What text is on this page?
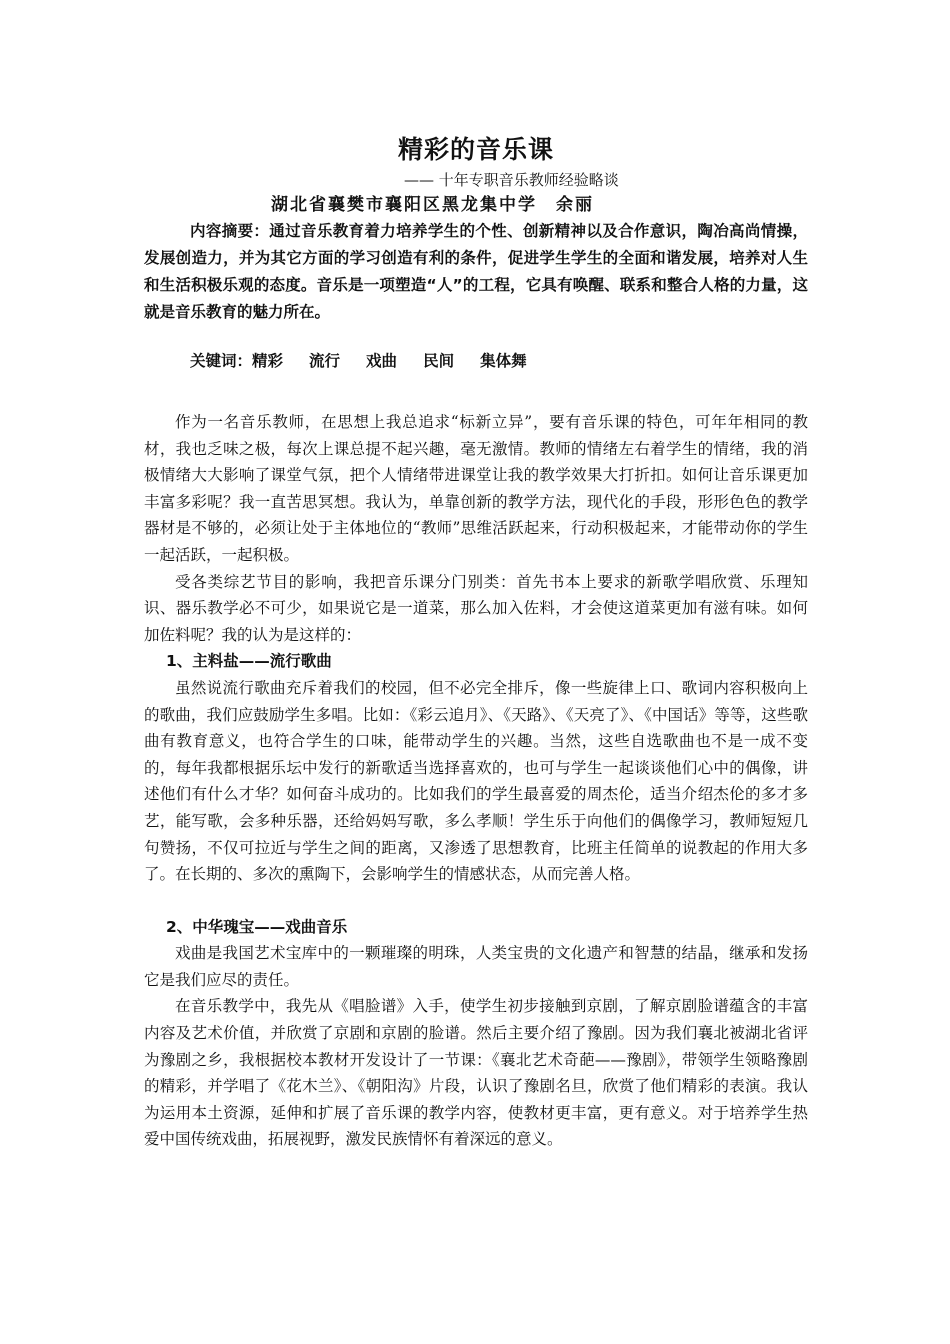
精彩的音乐课

—— 十年专职音乐教师经验略谈

湖北省襄樊市襄阳区黑龙集中学　余丽

内容摘要：通过音乐教育着力培养学生的个性、创新精神以及合作意识，陶冶高尚情操，发展创造力，并为其它方面的学习创造有利的条件，促进学生学生的全面和谐发展，培养对人生和生活积极乐观的态度。音乐是一项塑造“人”的工程，它具有唤醒、联系和整合人格的力量，这就是音乐教育的魅力所在。

关键词：精彩 流行 戏曲 民间 集体舞

作为一名音乐教师，在思想上我总追求“标新立异”，要有音乐课的特色，可年年相同的教材，我也乏味之极，每次上课总提不起兴趣，毫无激情。教师的情绪左右着学生的情绪，我的消极情绪大大影响了课堂气氛，把个人情绪带进课堂让我的教学效果大打折扣。如何让音乐课更加丰富多彩呢？我一直苦思冥想。我认为，单靠创新的教学方法，现代化的手段，形形色色的教学器材是不够的，必须让处于主体地位的“教师”思维活跃起来，行动积极起来，才能带动你的学生一起活跃，一起积极。

受各类综艺节目的影响，我把音乐课分门别类：首先书本上要求的新歌学唱欣赏、乐理知识、器乐教学必不可少，如果说它是一道菜，那么加入佐料，才会使这道菜更加有滋有味。如何加佐料呢？我的认为是这样的：

1、主料盐——流行歌曲

虽然说流行歌曲充斥着我们的校园，但不必完全排斥，像一些旋律上口、歌词内容积极向上的歌曲，我们应鼓励学生多唱。比如：《彩云追月》、《天路》、《天亮了》、《中国话》等等，这些歌曲有教育意义，也符合学生的口味，能带动学生的兴趣。当然，这些自选歌曲也不是一成不变的，每年我都根据乐坛中发行的新歌适当选择喜欢的，也可与学生一起谈谈他们心中的偶像，讲述他们有什么才华？如何奋斗成功的。比如我们的学生最喜爱的周杰伦，适当介绍杰伦的多才多艺，能写歌，会多种乐器，还给妈妈写歌，多么孝顺！学生乐于向他们的偶像学习，教师短短几句赞扬，不仅可拉近与学生之间的距离，又渗透了思想教育，比班主任简单的说教起的作用大多了。在长期的、多次的熏陶下，会影响学生的情感状态，从而完善人格。

2、中华瑰宝——戏曲音乐

戏曲是我国艺术宝库中的一颗璀璨的明珠，人类宝贵的文化遗产和智慧的结晶，继承和发扬它是我们应尽的责任。

在音乐教学中，我先从《唱脸谱》入手，使学生初步接触到京剧，了解京剧脸谱蕴含的丰富内容及艺术价值，并欣赏了京剧和京剧的脸谱。然后主要介绍了豫剧。因为我们襄北被湖北省评为豫剧之乡，我根据校本教材开发设计了一节课：《襄北艺术奇葩——豫剧》，带领学生领略豫剧的精彩，并学唱了《花木兰》、《朝阳沟》片段，认识了豫剧名旦，欣赏了他们精彩的表演。我认为运用本土资源，延伸和扩展了音乐课的教学内容，使教材更丰富，更有意义。对于培养学生热爱中国传统戏曲，拓展视野，激发民族情怀有着深远的意义。
